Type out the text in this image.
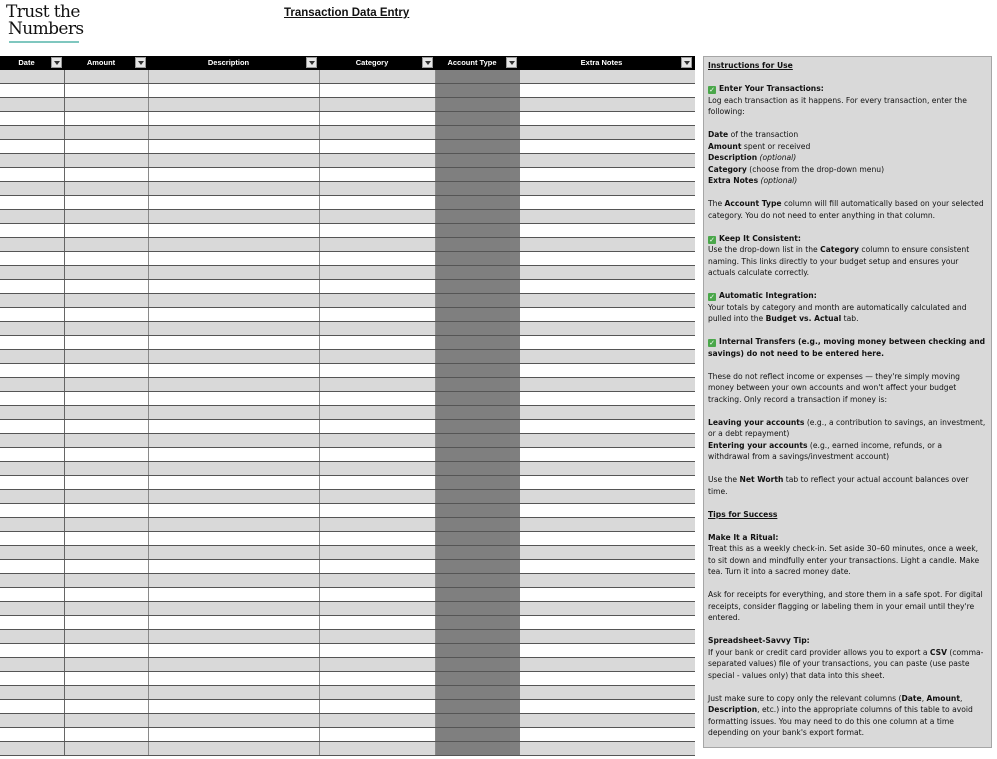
Trust the
Numbers
Transaction Data Entry
Date	Amount	Description	Category	Account Type	Extra Notes	Instructions for Use

✓ Enter Your Transactions:

Log each transaction as it happens. For every transaction, enter the following:

Date of the transaction

Amount spent or received

Description (optional)

Category (choose from the drop-down menu)

Extra Notes (optional)

The Account Type column will fill automatically based on your selected category. You do not need to enter anything in that column.

✓ Keep It Consistent:

Use the drop-down list in the Category column to ensure consistent naming. This links directly to your budget setup and ensures your actuals calculate correctly.

✓ Automatic Integration:

Your totals by category and month are automatically calculated and pulled into the Budget vs. Actual tab.

✓ Internal Transfers (e.g., moving money between checking and savings) do not need to be entered here.

These do not reflect income or expenses — they're simply moving money between your own accounts and won't affect your budget tracking. Only record a transaction if money is:

Leaving your accounts (e.g., a contribution to savings, an investment, or a debt repayment)

Entering your accounts (e.g., earned income, refunds, or a withdrawal from a savings/investment account)

Use the Net Worth tab to reflect your actual account balances over time.

Tips for Success

Make It a Ritual:

Treat this as a weekly check-in. Set aside 30–60 minutes, once a week, to sit down and mindfully enter your transactions. Light a candle. Make tea. Turn it into a sacred money date.

Ask for receipts for everything, and store them in a safe spot. For digital receipts, consider flagging or labeling them in your email until they're entered.

Spreadsheet-Savvy Tip:

If your bank or credit card provider allows you to export a CSV (comma-separated values) file of your transactions, you can paste (use paste special - values only) that data into this sheet.

Just make sure to copy only the relevant columns (Date, Amount, Description, etc.) into the appropriate columns of this table to avoid formatting issues. You may need to do this one column at a time depending on your bank's export format.
